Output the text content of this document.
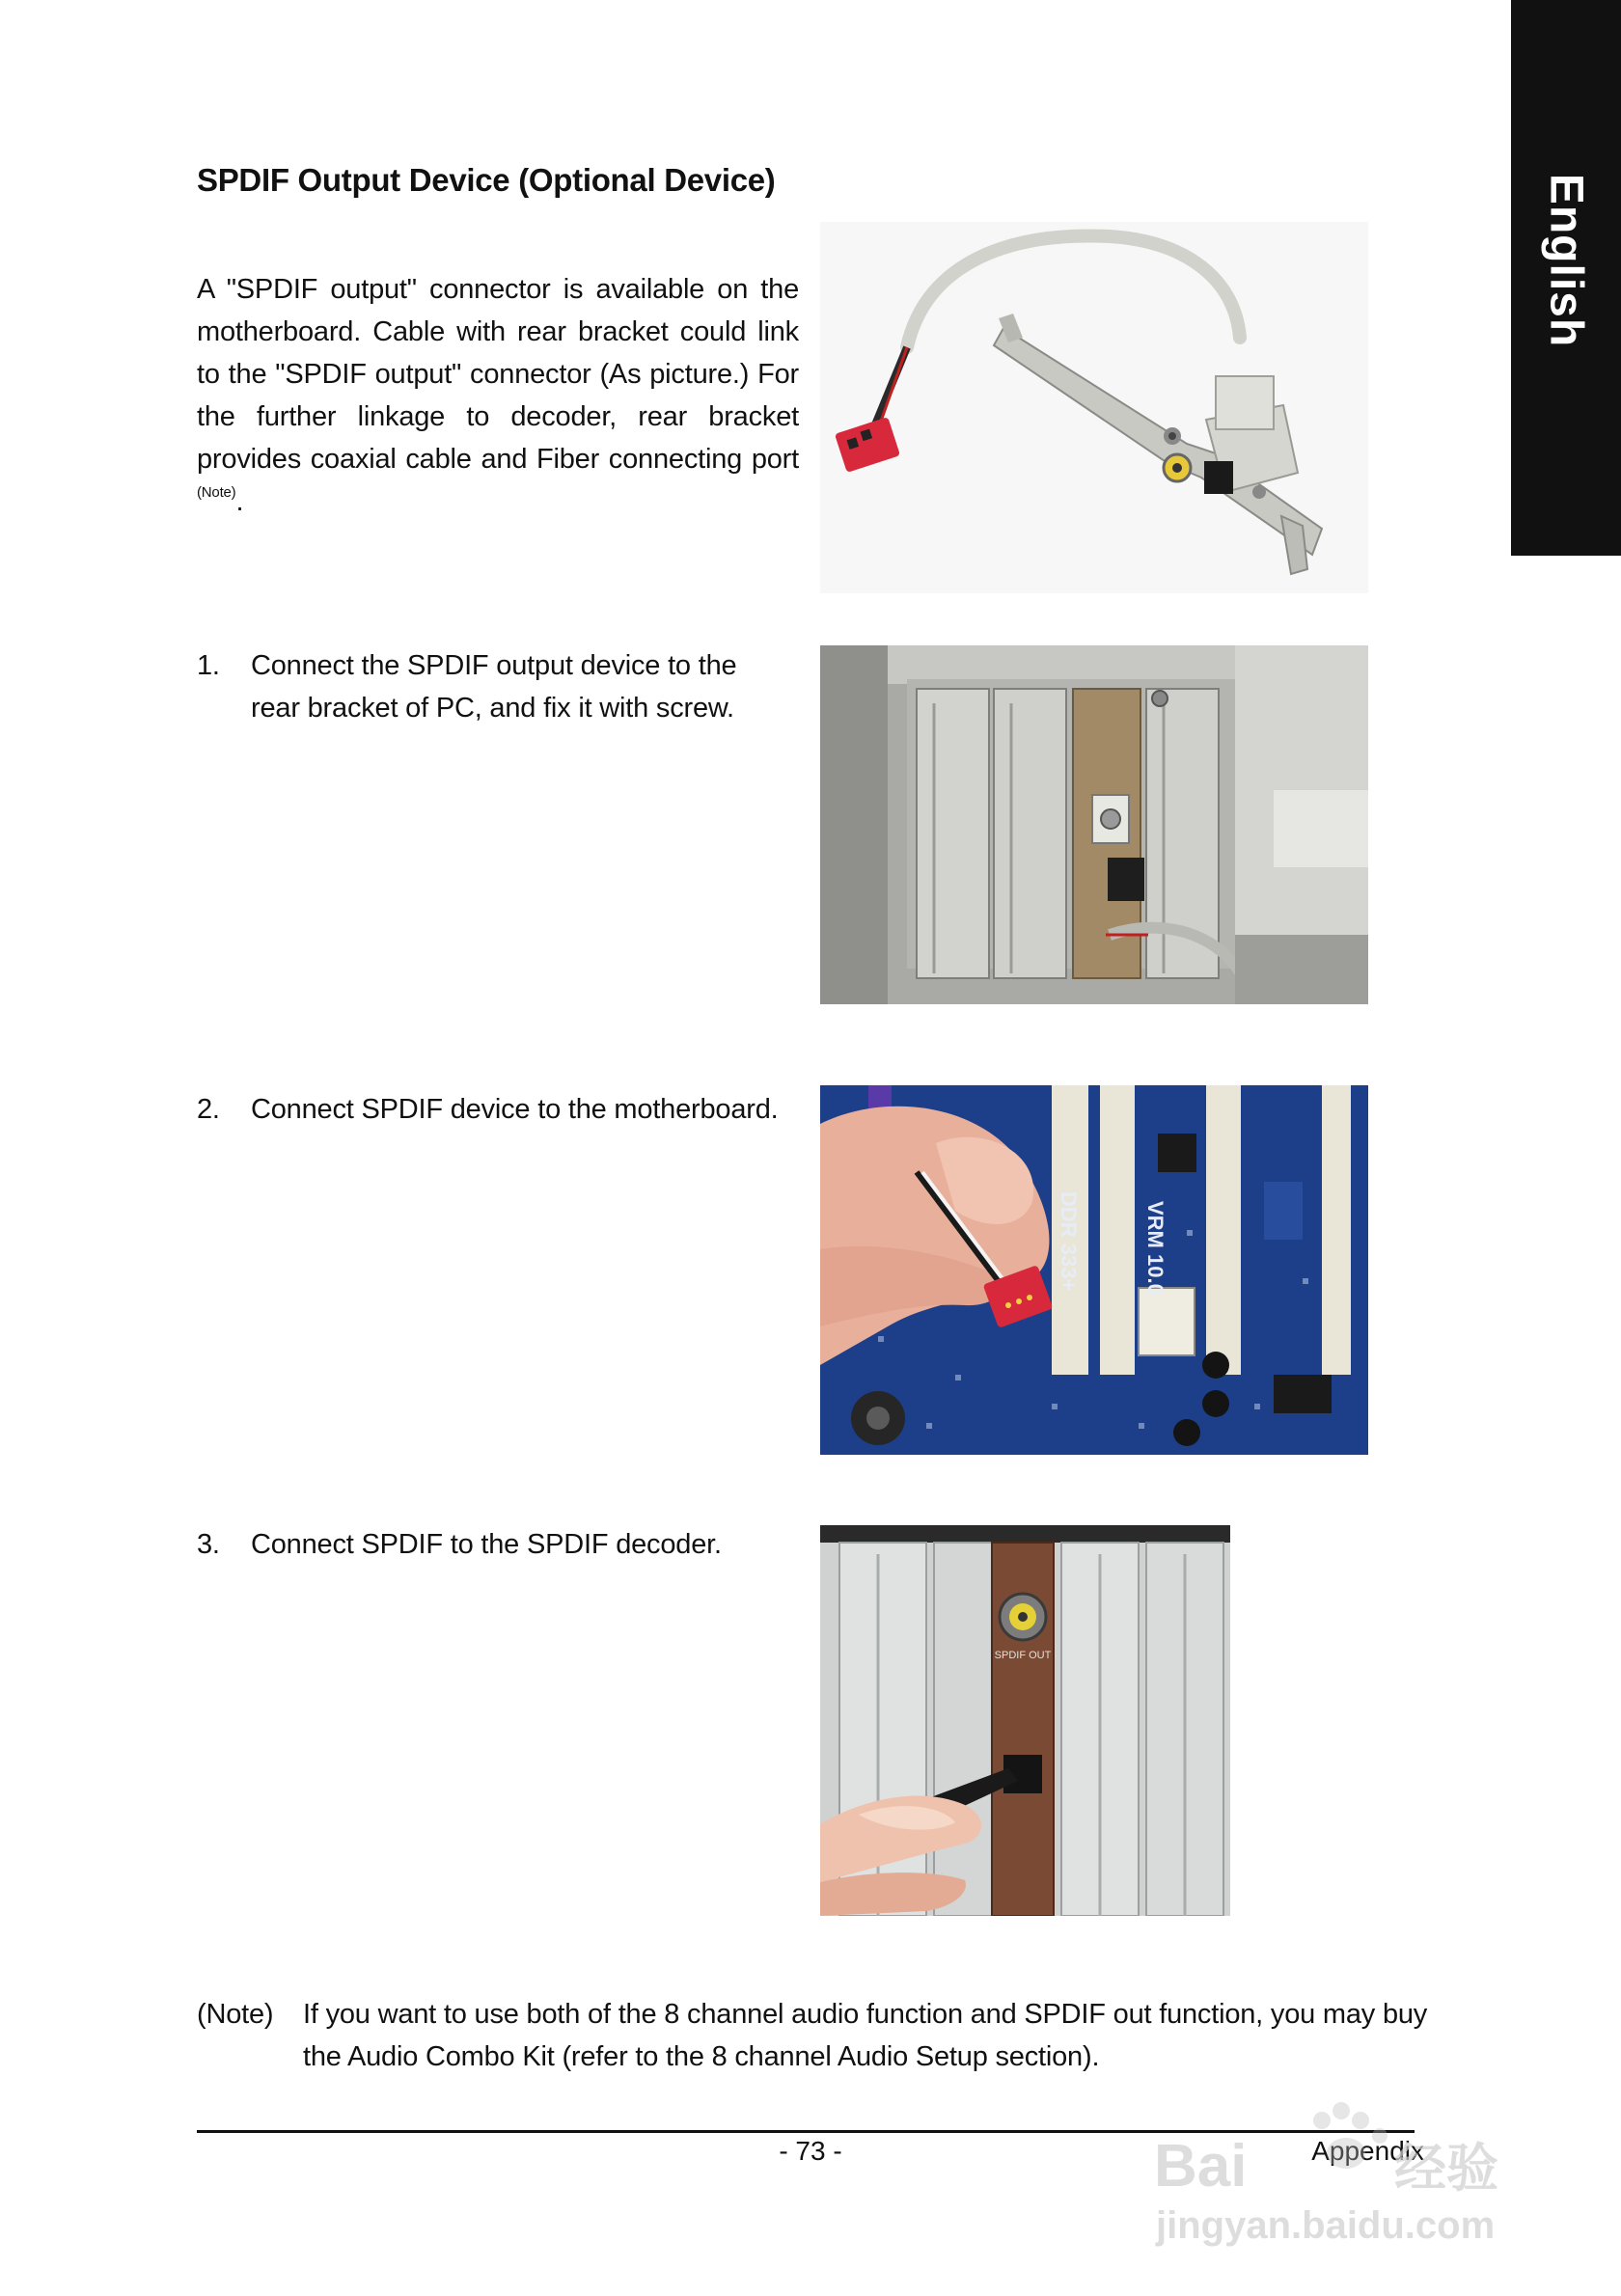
English
SPDIF Output Device (Optional Device)

A "SPDIF output" connector is available on the motherboard. Cable with rear bracket could link to the "SPDIF output" connector (As picture.) For the further linkage to decoder, rear bracket provides coaxial cable and Fiber connecting port $^{(Note)}$.

1. Connect the SPDIF output device to the rear bracket of PC, and fix it with screw.
2. Connect SPDIF device to the motherboard.
DDR 333+	VRM 10.0
3. Connect SPDIF to the SPDIF decoder.
SPDIF OUT
(Note) If you want to use both of the 8 channel audio function and SPDIF out function, you may buy the Audio Combo Kit (refer to the 8 channel Audio Setup section).
- 73 -	Appendix
Bai	经验
jingyan.baidu.com
